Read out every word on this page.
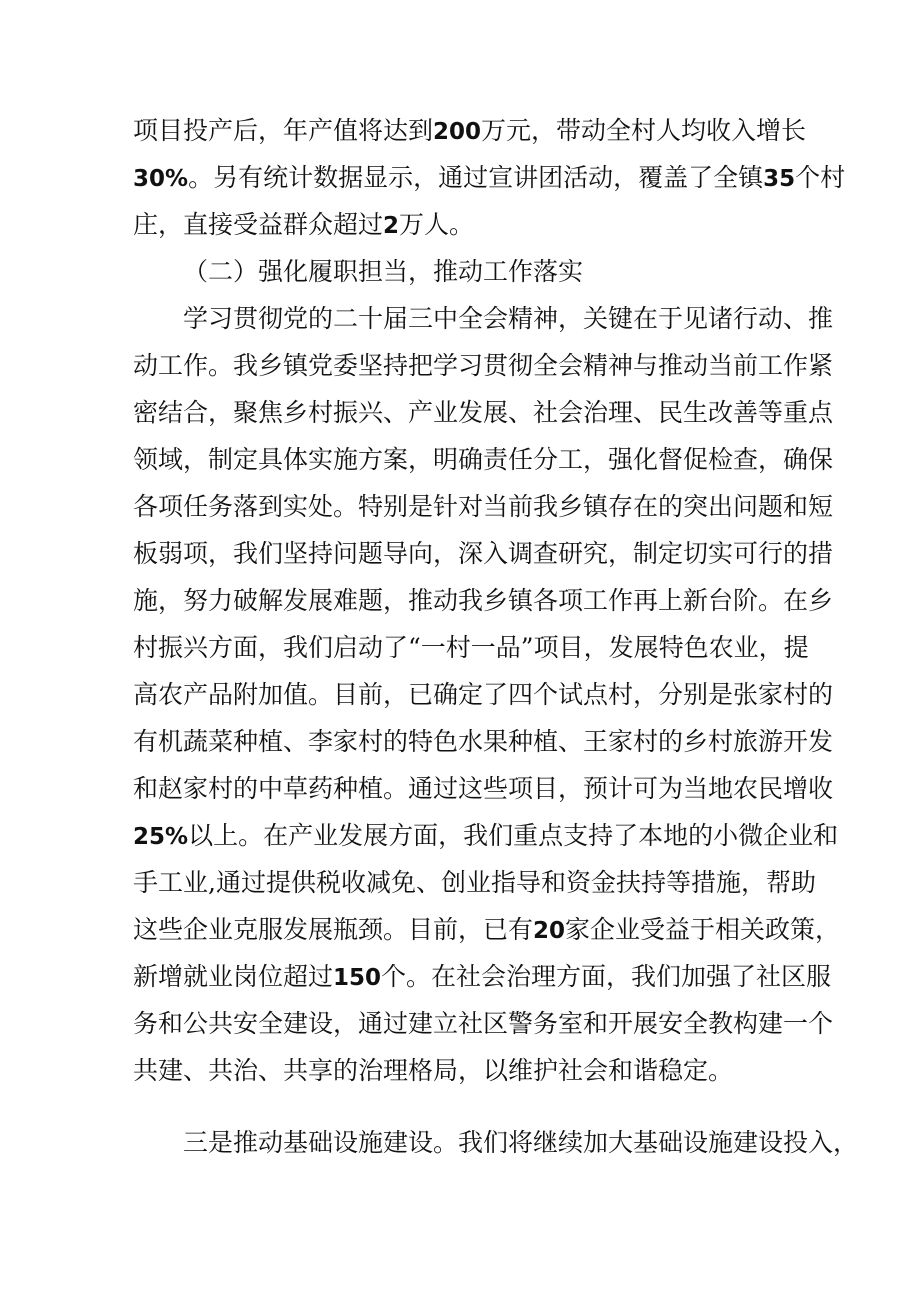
项目投产后，年产值将达到200万元，带动全村人均收入增长
30%。另有统计数据显示，通过宣讲团活动，覆盖了全镇35个村
庄，直接受益群众超过2万人。
（二）强化履职担当，推动工作落实
学习贯彻党的二十届三中全会精神，关键在于见诸行动、推
动工作。我乡镇党委坚持把学习贯彻全会精神与推动当前工作紧
密结合，聚焦乡村振兴、产业发展、社会治理、民生改善等重点
领域，制定具体实施方案，明确责任分工，强化督促检查，确保
各项任务落到实处。特别是针对当前我乡镇存在的突出问题和短
板弱项，我们坚持问题导向，深入调查研究，制定切实可行的措
施，努力破解发展难题，推动我乡镇各项工作再上新台阶。在乡
村振兴方面，我们启动了“一村一品”项目，发展特色农业，提
高农产品附加值。目前，已确定了四个试点村，分别是张家村的
有机蔬菜种植、李家村的特色水果种植、王家村的乡村旅游开发
和赵家村的中草药种植。通过这些项目，预计可为当地农民增收
25%以上。在产业发展方面，我们重点支持了本地的小微企业和
手工业,通过提供税收减免、创业指导和资金扶持等措施，帮助
这些企业克服发展瓶颈。目前，已有20家企业受益于相关政策，
新增就业岗位超过150个。在社会治理方面，我们加强了社区服
务和公共安全建设，通过建立社区警务室和开展安全教构建一个
共建、共治、共享的治理格局，以维护社会和谐稳定。
三是推动基础设施建设。我们将继续加大基础设施建设投入，
